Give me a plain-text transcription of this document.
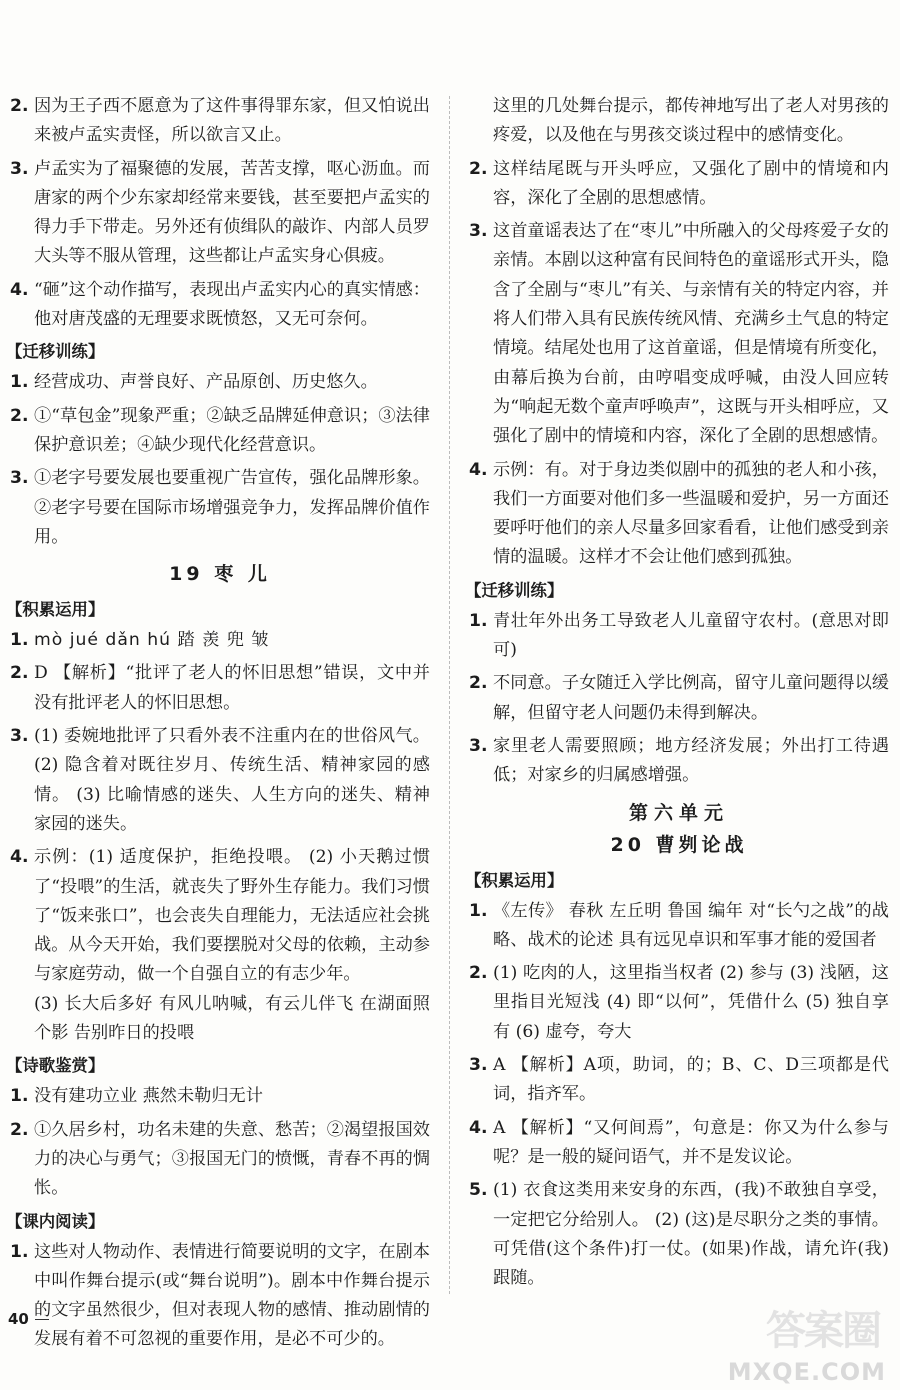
2. 因为王子西不愿意为了这件事得罪东家，但又怕说出来被卢孟实责怪，所以欲言又止。
3. 卢孟实为了福聚德的发展，苦苦支撑，呕心沥血。而唐家的两个少东家却经常来要钱，甚至要把卢孟实的得力手下带走。另外还有侦缉队的敲诈、内部人员罗大头等不服从管理，这些都让卢孟实身心俱疲。
4. “砸”这个动作描写，表现出卢孟实内心的真实情感：他对唐茂盛的无理要求既愤怒，又无可奈何。
【迁移训练】
1. 经营成功、声誉良好、产品原创、历史悠久。
2. ①“草包金”现象严重；②缺乏品牌延伸意识；③法律保护意识差；④缺少现代化经营意识。
3. ①老字号要发展也要重视广告宣传，强化品牌形象。②老字号要在国际市场增强竞争力，发挥品牌价值作用。
19 枣 儿
【积累运用】
1. mò jué dǎn hú 踏 羡 兜 皱
2. D 【解析】“批评了老人的怀旧思想”错误，文中并没有批评老人的怀旧思想。
3. (1) 委婉地批评了只看外表不注重内在的世俗风气。 (2) 隐含着对既往岁月、传统生活、精神家园的感情。 (3) 比喻情感的迷失、人生方向的迷失、精神家园的迷失。
4. 示例：(1) 适度保护，拒绝投喂。 (2) 小天鹅过惯了“投喂”的生活，就丧失了野外生存能力。我们习惯了“饭来张口”，也会丧失自理能力，无法适应社会挑战。从今天开始，我们要摆脱对父母的依赖，主动参与家庭劳动，做一个自强自立的有志少年。
(3) 长大后多好 有风儿呐喊，有云儿伴飞 在湖面照个影 告别昨日的投喂
【诗歌鉴赏】
1. 没有建功立业 燕然未勒归无计
2. ①久居乡村，功名未建的失意、愁苦；②渴望报国效力的决心与勇气；③报国无门的愤慨，青春不再的惆怅。
【课内阅读】
1. 这些对人物动作、表情进行简要说明的文字，在剧本中叫作舞台提示(或“舞台说明”)。剧本中作舞台提示的文字虽然很少，但对表现人物的感情、推动剧情的发展有着不可忽视的重要作用，是必不可少的。
这里的几处舞台提示，都传神地写出了老人对男孩的疼爱，以及他在与男孩交谈过程中的感情变化。
2. 这样结尾既与开头呼应，又强化了剧中的情境和内容，深化了全剧的思想感情。
3. 这首童谣表达了在“枣儿”中所融入的父母疼爱子女的亲情。本剧以这种富有民间特色的童谣形式开头，隐含了全剧与“枣儿”有关、与亲情有关的特定内容，并将人们带入具有民族传统风情、充满乡土气息的特定情境。结尾处也用了这首童谣，但是情境有所变化，由幕后换为台前，由哼唱变成呼喊，由没人回应转为“响起无数个童声呼唤声”，这既与开头相呼应，又强化了剧中的情境和内容，深化了全剧的思想感情。
4. 示例：有。对于身边类似剧中的孤独的老人和小孩，我们一方面要对他们多一些温暖和爱护，另一方面还要呼吁他们的亲人尽量多回家看看，让他们感受到亲情的温暖。这样才不会让他们感到孤独。
【迁移训练】
1. 青壮年外出务工导致老人儿童留守农村。(意思对即可)
2. 不同意。子女随迁入学比例高，留守儿童问题得以缓解，但留守老人问题仍未得到解决。
3. 家里老人需要照顾；地方经济发展；外出打工待遇低；对家乡的归属感增强。
第六单元
20 曹刿论战
【积累运用】
1. 《左传》 春秋 左丘明 鲁国 编年 对“长勺之战”的战略、战术的论述 具有远见卓识和军事才能的爱国者
2. (1) 吃肉的人，这里指当权者 (2) 参与 (3) 浅陋，这里指目光短浅 (4) 即“以何”，凭借什么 (5) 独自享有 (6) 虚夸，夸大
3. A 【解析】A项，助词，的；B、C、D三项都是代词，指齐军。
4. A 【解析】“又何间焉”，句意是：你又为什么参与呢？是一般的疑问语气，并不是发议论。
5. (1) 衣食这类用来安身的东西，(我)不敢独自享受，一定把它分给别人。 (2) (这)是尽职分之类的事情。可凭借(这个条件)打一仗。(如果)作战，请允许(我)跟随。
40	答案圈
MXQE.COM
